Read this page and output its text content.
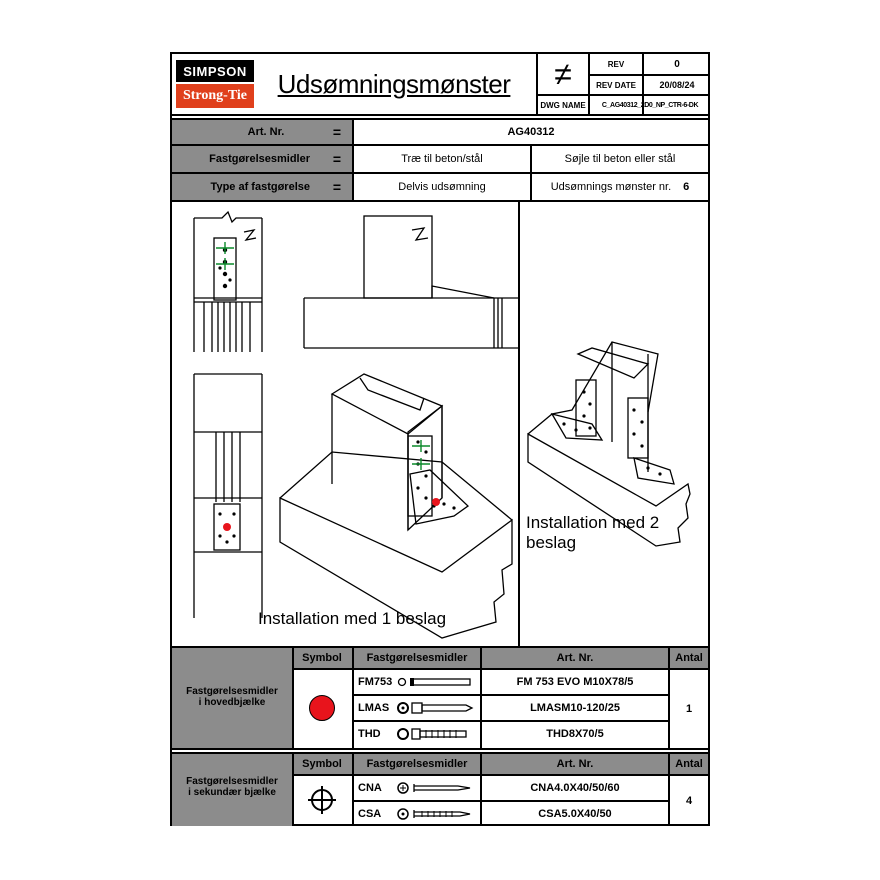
SIMPSON
Strong-Tie	Udsømningsmønster	≠
DWG NAME
REV	0
REV DATE	20/08/24
C_AG40312_2D0_NP_CTR-6-DK
Art. Nr.	=	AG40312
Fastgørelsesmidler	=	Træ til beton/stål	Søjle til beton eller stål
Type af fastgørelse	=	Delvis udsømning	Udsømnings mønster nr. 6
Installation med 1 beslag
Installation med 2 beslag
Fastgørelsesmidler
i hovedbjælke
Symbol	Fastgørelsesmidler	Art. Nr.	Antal
FM753	FM 753 EVO M10X78/5
LMAS	LMASM10-120/25
THD	THD8X70/5
1
Fastgørelsesmidler
i sekundær bjælke
Symbol	Fastgørelsesmidler	Art. Nr.	Antal
CNA	CNA4.0X40/50/60
CSA	CSA5.0X40/50
4
